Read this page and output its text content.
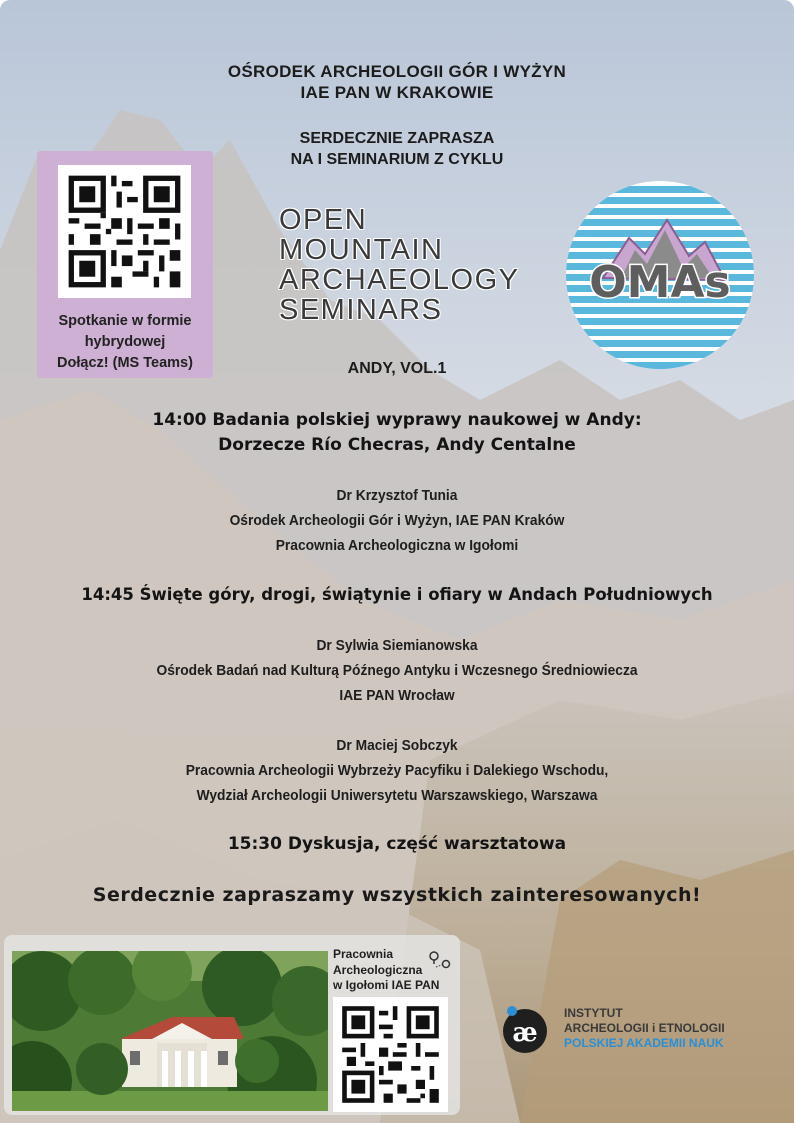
OŚRODEK ARCHEOLOGII GÓR I WYŻYN
IAE PAN W KRAKOWIE
SERDECZNIE ZAPRASZA
NA I SEMINARIUM Z CYKLU
Spotkanie w formie
hybrydowej
Dołącz! (MS Teams)
OPEN
MOUNTAIN
ARCHAEOLOGY
SEMINARS
OMAs
ANDY, VOL.1
14:00 Badania polskiej wyprawy naukowej w Andy:
Dorzecze Río Checras, Andy Centalne
Dr Krzysztof Tunia
Ośrodek Archeologii Gór i Wyżyn, IAE PAN Kraków
Pracownia Archeologiczna w Igołomi
14:45 Święte góry, drogi, świątynie i ofiary w Andach Południowych
Dr Sylwia Siemianowska
Ośrodek Badań nad Kulturą Późnego Antyku i Wczesnego Średniowiecza
IAE PAN Wrocław
Dr Maciej Sobczyk
Pracownia Archeologii Wybrzeży Pacyfiku i Dalekiego Wschodu,
Wydział Archeologii Uniwersytetu Warszawskiego, Warszawa
15:30 Dyskusja, część warsztatowa
Serdecznie zapraszamy wszystkich zainteresowanych!
Pracownia
Archeologiczna
w Igołomi IAE PAN
æ
INSTYTUT
ARCHEOLOGII i ETNOLOGII
POLSKIEJ AKADEMII NAUK
